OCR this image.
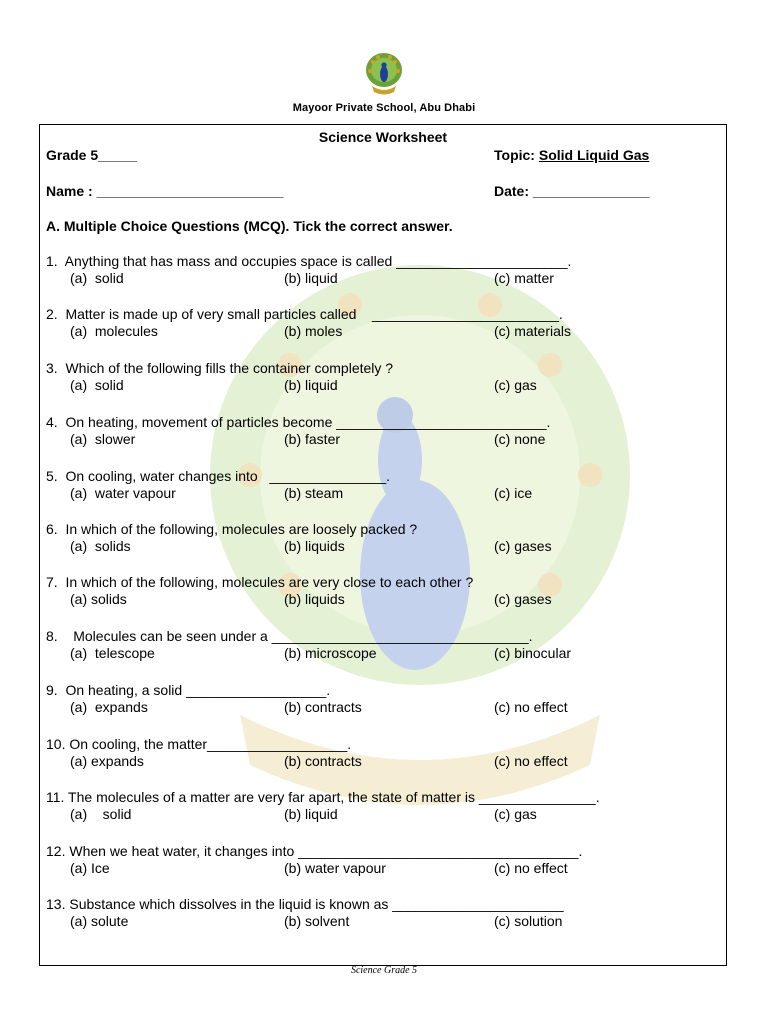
Mayoor Private School, Abu Dhabi
Science Worksheet
Grade 5_____	Topic: Solid Liquid Gas
Name : ________________________	Date: _______________
A. Multiple Choice Questions (MCQ). Tick the correct answer.
1.  Anything that has mass and occupies space is called ______________________.
(a)  solid	(b) liquid	(c) matter
2.  Matter is made up of very small particles called    ________________________.
(a)  molecules	(b) moles	(c) materials
3.  Which of the following fills the container completely ?
(a)  solid	(b) liquid	(c) gas
4.  On heating, movement of particles become ___________________________.
(a)  slower	(b) faster	(c) none
5.  On cooling, water changes into   _______________.
(a)  water vapour	(b) steam	(c) ice
6.  In which of the following, molecules are loosely packed ?
(a)  solids	(b) liquids	(c) gases
7.  In which of the following, molecules are very close to each other ?
(a) solids	(b) liquids	(c) gases
8.    Molecules can be seen under a _________________________________.
(a)  telescope	(b) microscope	(c) binocular
9.  On heating, a solid __________________.
(a)  expands	(b) contracts	(c) no effect
10. On cooling, the matter__________________.
(a) expands	(b) contracts	(c) no effect
11. The molecules of a matter are very far apart, the state of matter is _______________.
(a)    solid	(b) liquid	(c) gas
12. When we heat water, it changes into ____________________________________.
(a) Ice	(b) water vapour	(c) no effect
13. Substance which dissolves in the liquid is known as ______________________
(a) solute	(b) solvent	(c) solution
Science Grade 5
